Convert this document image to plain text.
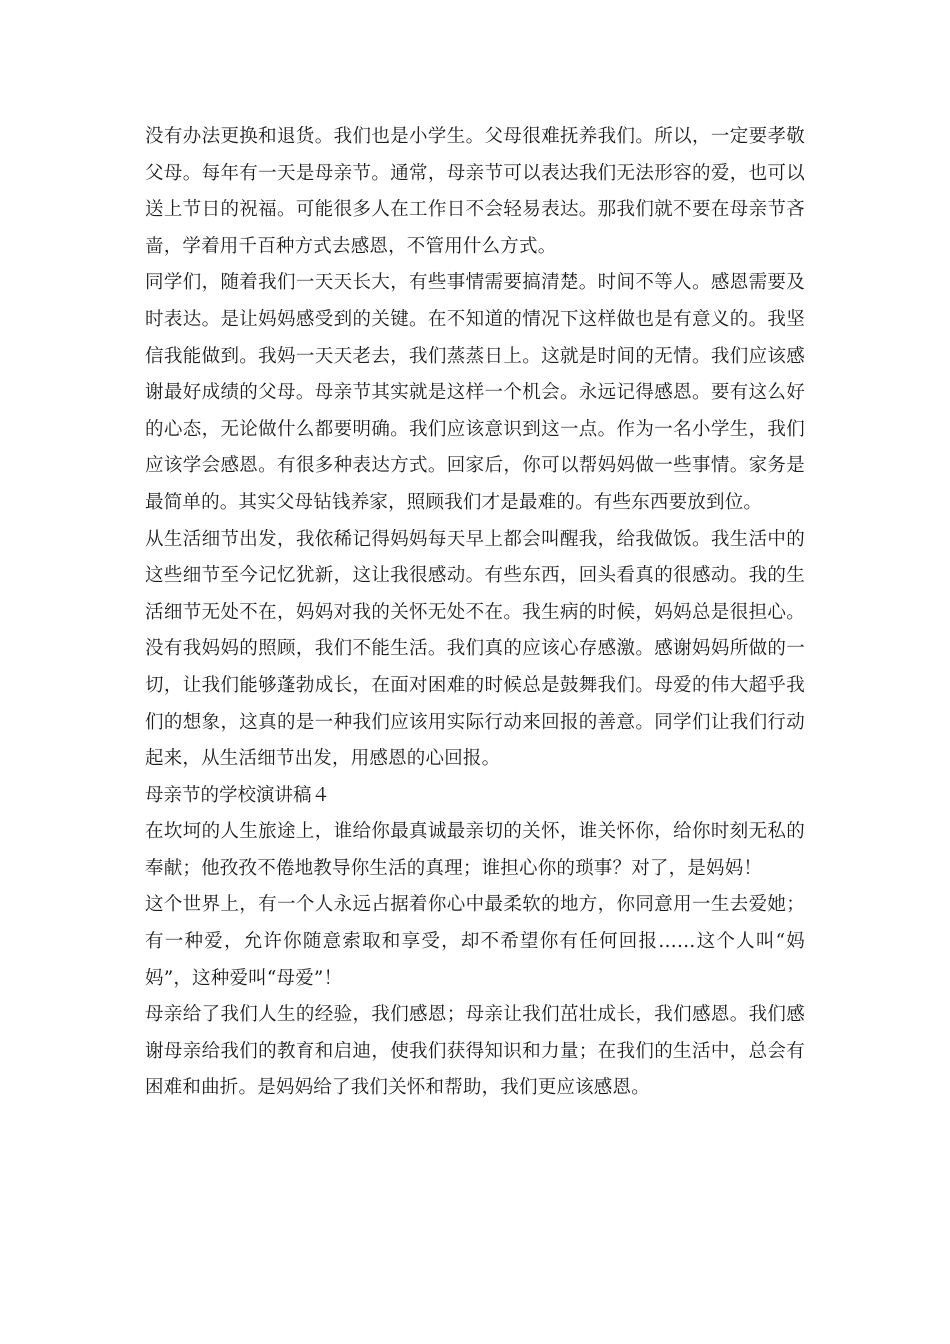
没有办法更换和退货。我们也是小学生。父母很难抚养我们。所以，一定要孝敬父母。每年有一天是母亲节。通常，母亲节可以表达我们无法形容的爱，也可以送上节日的祝福。可能很多人在工作日不会轻易表达。那我们就不要在母亲节吝啬，学着用千百种方式去感恩，不管用什么方式。

同学们，随着我们一天天长大，有些事情需要搞清楚。时间不等人。感恩需要及时表达。是让妈妈感受到的关键。在不知道的情况下这样做也是有意义的。我坚信我能做到。我妈一天天老去，我们蒸蒸日上。这就是时间的无情。我们应该感谢最好成绩的父母。母亲节其实就是这样一个机会。永远记得感恩。要有这么好的心态，无论做什么都要明确。我们应该意识到这一点。作为一名小学生，我们应该学会感恩。有很多种表达方式。回家后，你可以帮妈妈做一些事情。家务是最简单的。其实父母钻钱养家，照顾我们才是最难的。有些东西要放到位。

从生活细节出发，我依稀记得妈妈每天早上都会叫醒我，给我做饭。我生活中的这些细节至今记忆犹新，这让我很感动。有些东西，回头看真的很感动。我的生活细节无处不在，妈妈对我的关怀无处不在。我生病的时候，妈妈总是很担心。没有我妈妈的照顾，我们不能生活。我们真的应该心存感激。感谢妈妈所做的一切，让我们能够蓬勃成长，在面对困难的时候总是鼓舞我们。母爱的伟大超乎我们的想象，这真的是一种我们应该用实际行动来回报的善意。同学们让我们行动起来，从生活细节出发，用感恩的心回报。

母亲节的学校演讲稿４

在坎坷的人生旅途上，谁给你最真诚最亲切的关怀，谁关怀你，给你时刻无私的奉献；他孜孜不倦地教导你生活的真理；谁担心你的琐事？对了，是妈妈！

这个世界上，有一个人永远占据着你心中最柔软的地方，你同意用一生去爱她；有一种爱，允许你随意索取和享受，却不希望你有任何回报……这个人叫“妈妈”，这种爱叫“母爱”！

母亲给了我们人生的经验，我们感恩；母亲让我们茁壮成长，我们感恩。我们感谢母亲给我们的教育和启迪，使我们获得知识和力量；在我们的生活中，总会有困难和曲折。是妈妈给了我们关怀和帮助，我们更应该感恩。
